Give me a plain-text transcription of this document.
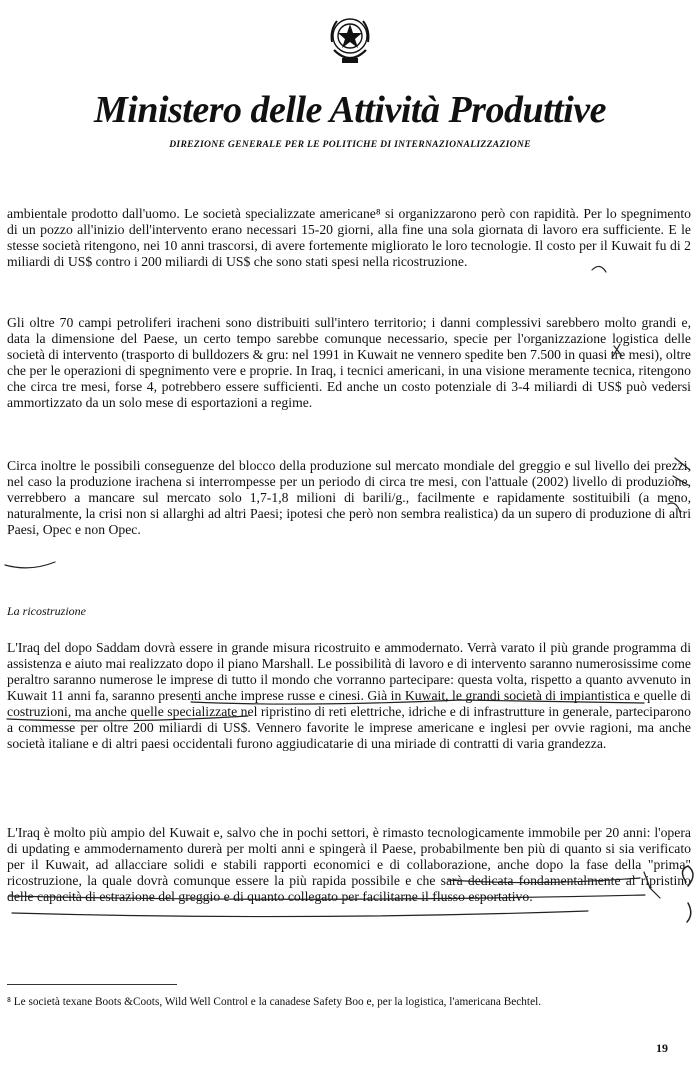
Ministero delle Attività Produttive
DIREZIONE GENERALE PER LE POLITICHE DI INTERNAZIONALIZZAZIONE

ambientale prodotto dall'uomo. Le società specializzate americane⁸ si organizzarono però con rapidità. Per lo spegnimento di un pozzo all'inizio dell'intervento erano necessari 15-20 giorni, alla fine una sola giornata di lavoro era sufficiente. E le stesse società ritengono, nei 10 anni trascorsi, di avere fortemente migliorato le loro tecnologie. Il costo per il Kuwait fu di 2 miliardi di US$ contro i 200 miliardi di US$ che sono stati spesi nella ricostruzione.

Gli oltre 70 campi petroliferi iracheni sono distribuiti sull'intero territorio; i danni complessivi sarebbero molto grandi e, data la dimensione del Paese, un certo tempo sarebbe comunque necessario, specie per l'organizzazione logistica delle società di intervento (trasporto di bulldozers & gru: nel 1991 in Kuwait ne vennero spedite ben 7.500 in quasi tre mesi), oltre che per le operazioni di spegnimento vere e proprie. In Iraq, i tecnici americani, in una visione meramente tecnica, ritengono che circa tre mesi, forse 4, potrebbero essere sufficienti. Ed anche un costo potenziale di 3-4 miliardi di US$ può vedersi ammortizzato da un solo mese di esportazioni a regime.

Circa inoltre le possibili conseguenze del blocco della produzione sul mercato mondiale del greggio e sul livello dei prezzi, nel caso la produzione irachena si interrompesse per un periodo di circa tre mesi, con l'attuale (2002) livello di produzione, verrebbero a mancare sul mercato solo 1,7-1,8 milioni di barili/g., facilmente e rapidamente sostituibili (a meno, naturalmente, la crisi non si allarghi ad altri Paesi; ipotesi che però non sembra realistica) da un supero di produzione di altri Paesi, Opec e non Opec.

La ricostruzione

L'Iraq del dopo Saddam dovrà essere in grande misura ricostruito e ammodernato. Verrà varato il più grande programma di assistenza e aiuto mai realizzato dopo il piano Marshall. Le possibilità di lavoro e di intervento saranno numerosissime come peraltro saranno numerose le imprese di tutto il mondo che vorranno parteciparе: questa volta, rispetto a quanto avvenuto in Kuwait 11 anni fa, saranno presenti anche imprese russe e cinesi. Già in Kuwait, le grandi società di impiantistica e quelle di costruzioni, ma anche quelle specializzate nel ripristino di reti elettriche, idriche e di infrastrutture in generale, parteciparono a commesse per oltre 200 miliardi di US$. Vennero favorite le imprese americane e inglesi per ovvie ragioni, ma anche società italiane e di altri paesi occidentali furono aggiudicatarie di una miriade di contratti di varia grandezza.

L'Iraq è molto più ampio del Kuwait e, salvo che in pochi settori, è rimasto tecnologicamente immobile per 20 anni: l'opera di updating e ammodernamento durerà per molti anni e spingerà il Paese, probabilmente ben più di quanto si sia verificato per il Kuwait, ad allacciare solidi e stabili rapporti economici e di collaborazione, anche dopo la fase della "prima" ricostruzione, la quale dovrà comunque essere la più rapida possibile e che sarà dedicata fondamentalmente al ripristino delle capacità di estrazione del greggio e di quanto collegato per facilitarne il flusso esportativo.

⁸ Le società texane Boots &Coots, Wild Well Control e la canadese Safety Boo e, per la logistica, l'americana Bechtel.
19
